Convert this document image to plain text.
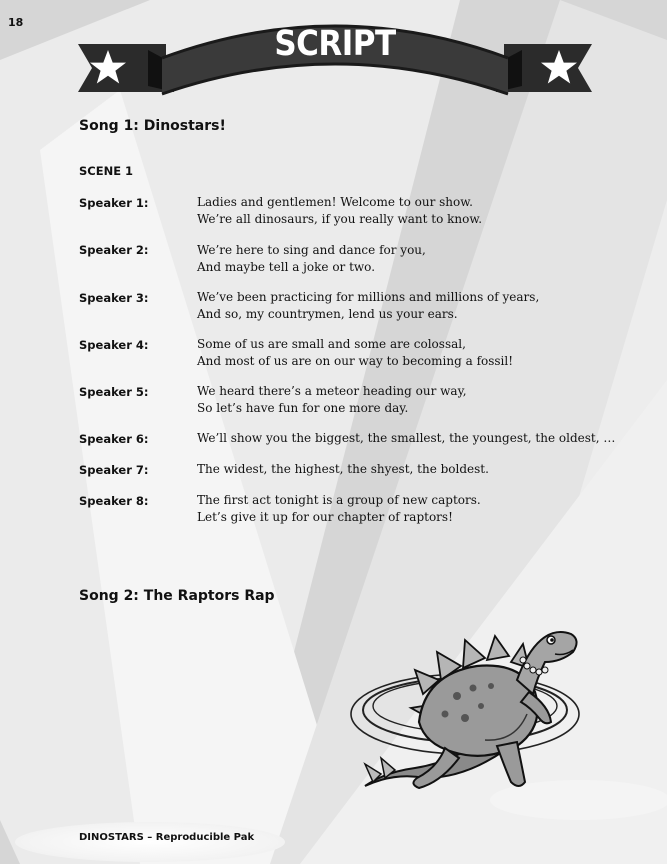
18
SCRIPT
Song 1: Dinostars!
SCENE 1
Speaker 1:	Ladies and gentlemen! Welcome to our show.
We’re all dinosaurs, if you really want to know.
Speaker 2:	We’re here to sing and dance for you,
And maybe tell a joke or two.
Speaker 3:	We’ve been practicing for millions and millions of years,
And so, my countrymen, lend us your ears.
Speaker 4:	Some of us are small and some are colossal,
And most of us are on our way to becoming a fossil!
Speaker 5:	We heard there’s a meteor heading our way,
So let’s have fun for one more day.
Speaker 6:	We’ll show you the biggest, the smallest, the youngest, the oldest, …
Speaker 7:	The widest, the highest, the shyest, the boldest.
Speaker 8:	The first act tonight is a group of new captors.
Let’s give it up for our chapter of raptors!
Song 2: The Raptors Rap
DINOSTARS – Reproducible Pak
